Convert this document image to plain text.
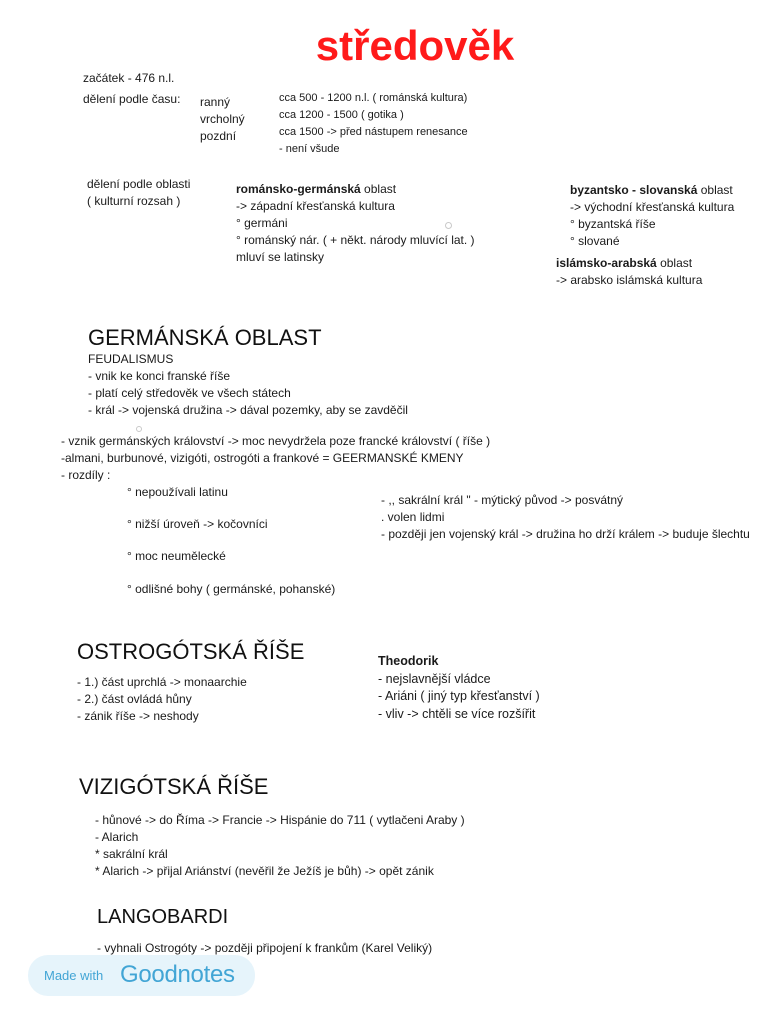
středověk
začátek - 476 n.l.
dělení podle času: ranný
vrcholný
pozdní
cca 500 - 1200 n.l. ( románská kultura)
cca 1200 - 1500 ( gotika )
cca 1500 -> před nástupem renesance
- není všude
dělení podle oblasti
( kulturní rozsah )
románsko-germánská oblast
-> západní křesťanská kultura
° germáni
° románský nár. ( + někt. národy mluvící lat. )
mluví se latinsky
byzantsko - slovanská oblast
-> východní křesťanská kultura
° byzantská říše
° slované
islámsko-arabská oblast
-> arabsko islámská kultura
GERMÁNSKÁ OBLAST
FEUDALISMUS
- vnik ke konci franské říše
- platí celý středověk ve všech státech
- král -> vojenská družina -> dával pozemky, aby se zavděčil
- vznik germánských království -> moc nevydržela poze francké království ( říše )
-almani, burbunové, vizigóti, ostrogóti a frankové = GEERMANSKÉ KMENY
- rozdíly :
° nepoužívali latinu
° nižší úroveň -> kočovníci
° moc neumělecké
° odlišné bohy ( germánské, pohanské)
- ,, sakrální král " - mýtický původ -> posvátný
. volen lidmi
- později jen vojenský král -> družina ho drží králem -> buduje šlechtu
OSTROGÓTSKÁ ŘÍŠE
- 1.) část uprchlá -> monaarchie
- 2.) část ovládá hůny
- zánik říše -> neshody
Theodorik
- nejslavnější vládce
- Ariáni ( jiný typ křesťanství )
- vliv -> chtěli se více rozšířit
VIZIGÓTSKÁ ŘÍŠE
- hůnové -> do Říma -> Francie -> Hispánie do 711 ( vytlačeni Araby )
- Alarich
* sakrální král
* Alarich -> přijal Ariánství (nevěřil že Ježíš je bůh) -> opět zánik
LANGOBARDI
- vyhnali Ostrogóty -> později připojení k frankům (Karel Veliký)
Made with Goodnotes
